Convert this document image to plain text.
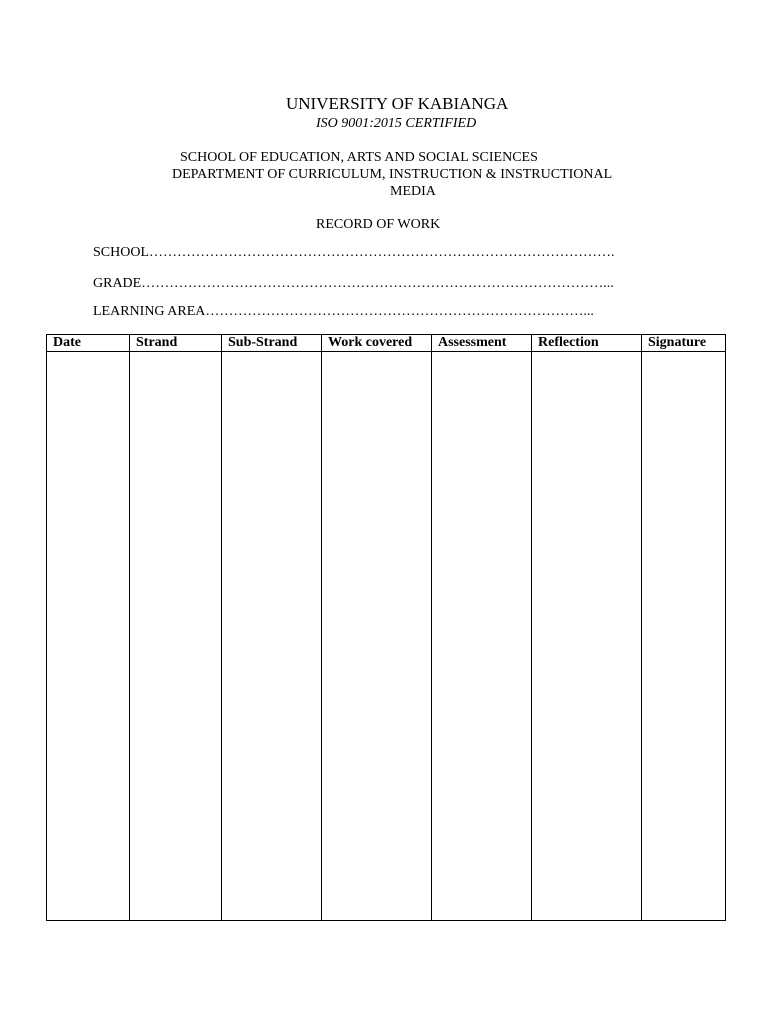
UNIVERSITY OF KABIANGA
ISO 9001:2015 CERTIFIED
SCHOOL OF EDUCATION, ARTS AND SOCIAL SCIENCES
DEPARTMENT OF CURRICULUM, INSTRUCTION & INSTRUCTIONAL
MEDIA
RECORD OF WORK
SCHOOL……………………………………………………………………………………….
GRADE………………………………………………………………………………………...
LEARNING AREA………………………………………………………………………...
Date	Strand	Sub-Strand	Work covered	Assessment	Reflection	Signature
